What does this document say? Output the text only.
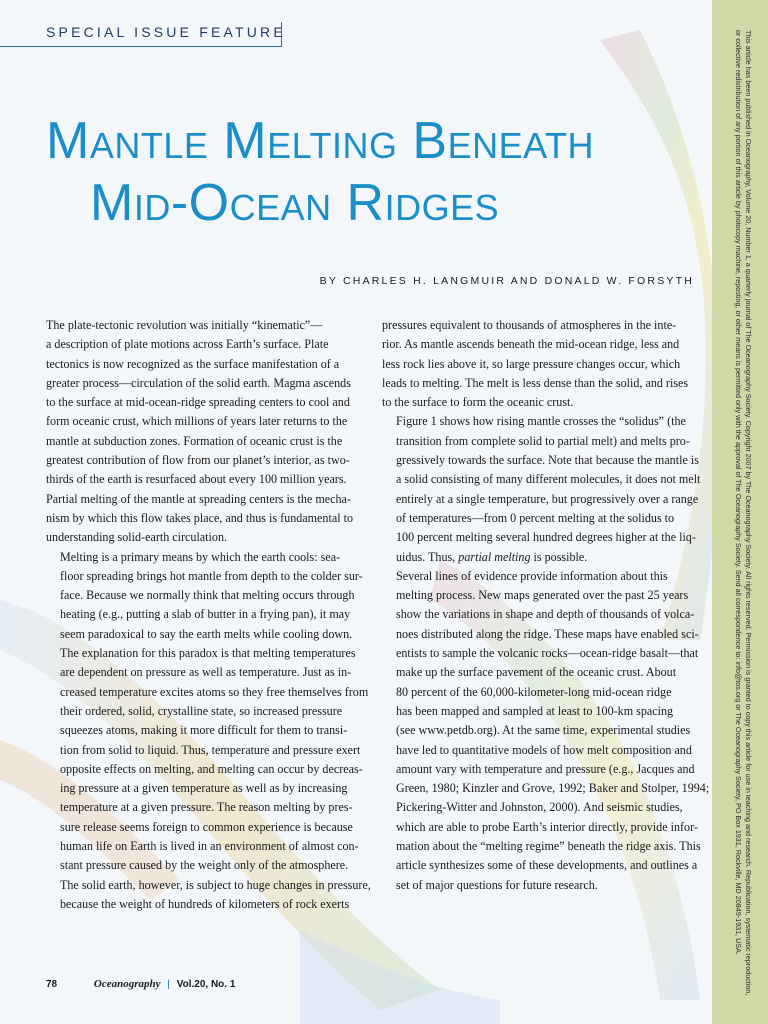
This article has been published in Oceanography, Volume 20, Number 1, a quarterly journal of The Oceanography Society. Copyright 2007 by The Oceanography Society. All rights reserved. Permission is granted to copy this article for use in teaching and research. Republication, systematic reproduction,
or collective redistribution of any portion of this article by photocopy machine, reposting, or other means is permitted only with the approval of The Oceanography Society. Send all correspondence to: info@tos.org or The Oceanography Society, PO Box 1931, Rockville, MD 20849-1931, USA.
SPECIAL ISSUE FEATURE
Mantle Melting Beneath
Mid-Ocean Ridges
BY CHARLES H. LANGMUIR AND DONALD W. FORSYTH

The plate-tectonic revolution was initially “kinematic”—
a description of plate motions across Earth’s surface. Plate
tectonics is now recognized as the surface manifestation of a
greater process—circulation of the solid earth. Magma ascends
to the surface at mid-ocean-ridge spreading centers to cool and
form oceanic crust, which millions of years later returns to the
mantle at subduction zones. Formation of oceanic crust is the
greatest contribution of flow from our planet’s interior, as two-
thirds of the earth is resurfaced about every 100 million years.
Partial melting of the mantle at spreading centers is the mecha-
nism by which this flow takes place, and thus is fundamental to
understanding solid-earth circulation.

Melting is a primary means by which the earth cools: sea-
floor spreading brings hot mantle from depth to the colder sur-
face. Because we normally think that melting occurs through
heating (e.g., putting a slab of butter in a frying pan), it may
seem paradoxical to say the earth melts while cooling down.
The explanation for this paradox is that melting temperatures
are dependent on pressure as well as temperature. Just as in-
creased temperature excites atoms so they free themselves from
their ordered, solid, crystalline state, so increased pressure
squeezes atoms, making it more difficult for them to transi-
tion from solid to liquid. Thus, temperature and pressure exert
opposite effects on melting, and melting can occur by decreas-
ing pressure at a given temperature as well as by increasing
temperature at a given pressure. The reason melting by pres-
sure release seems foreign to common experience is because
human life on Earth is lived in an environment of almost con-
stant pressure caused by the weight only of the atmosphere.
The solid earth, however, is subject to huge changes in pressure,
because the weight of hundreds of kilometers of rock exerts

pressures equivalent to thousands of atmospheres in the inte-
rior. As mantle ascends beneath the mid-ocean ridge, less and
less rock lies above it, so large pressure changes occur, which
leads to melting. The melt is less dense than the solid, and rises
to the surface to form the oceanic crust.

Figure 1 shows how rising mantle crosses the “solidus” (the
transition from complete solid to partial melt) and melts pro-
gressively towards the surface. Note that because the mantle is
a solid consisting of many different molecules, it does not melt
entirely at a single temperature, but progressively over a range
of temperatures—from 0 percent melting at the solidus to
100 percent melting several hundred degrees higher at the liq-
uidus. Thus, partial melting is possible.

Several lines of evidence provide information about this
melting process. New maps generated over the past 25 years
show the variations in shape and depth of thousands of volca-
noes distributed along the ridge. These maps have enabled sci-
entists to sample the volcanic rocks—ocean-ridge basalt—that
make up the surface pavement of the oceanic crust. About
80 percent of the 60,000-kilometer-long mid-ocean ridge
has been mapped and sampled at least to 100-km spacing
(see www.petdb.org). At the same time, experimental studies
have led to quantitative models of how melt composition and
amount vary with temperature and pressure (e.g., Jacques and
Green, 1980; Kinzler and Grove, 1992; Baker and Stolper, 1994;
Pickering-Witter and Johnston, 2000). And seismic studies,
which are able to probe Earth’s interior directly, provide infor-
mation about the “melting regime” beneath the ridge axis. This
article synthesizes some of these developments, and outlines a
set of major questions for future research.

78	Oceanography | Vol.20, No. 1
